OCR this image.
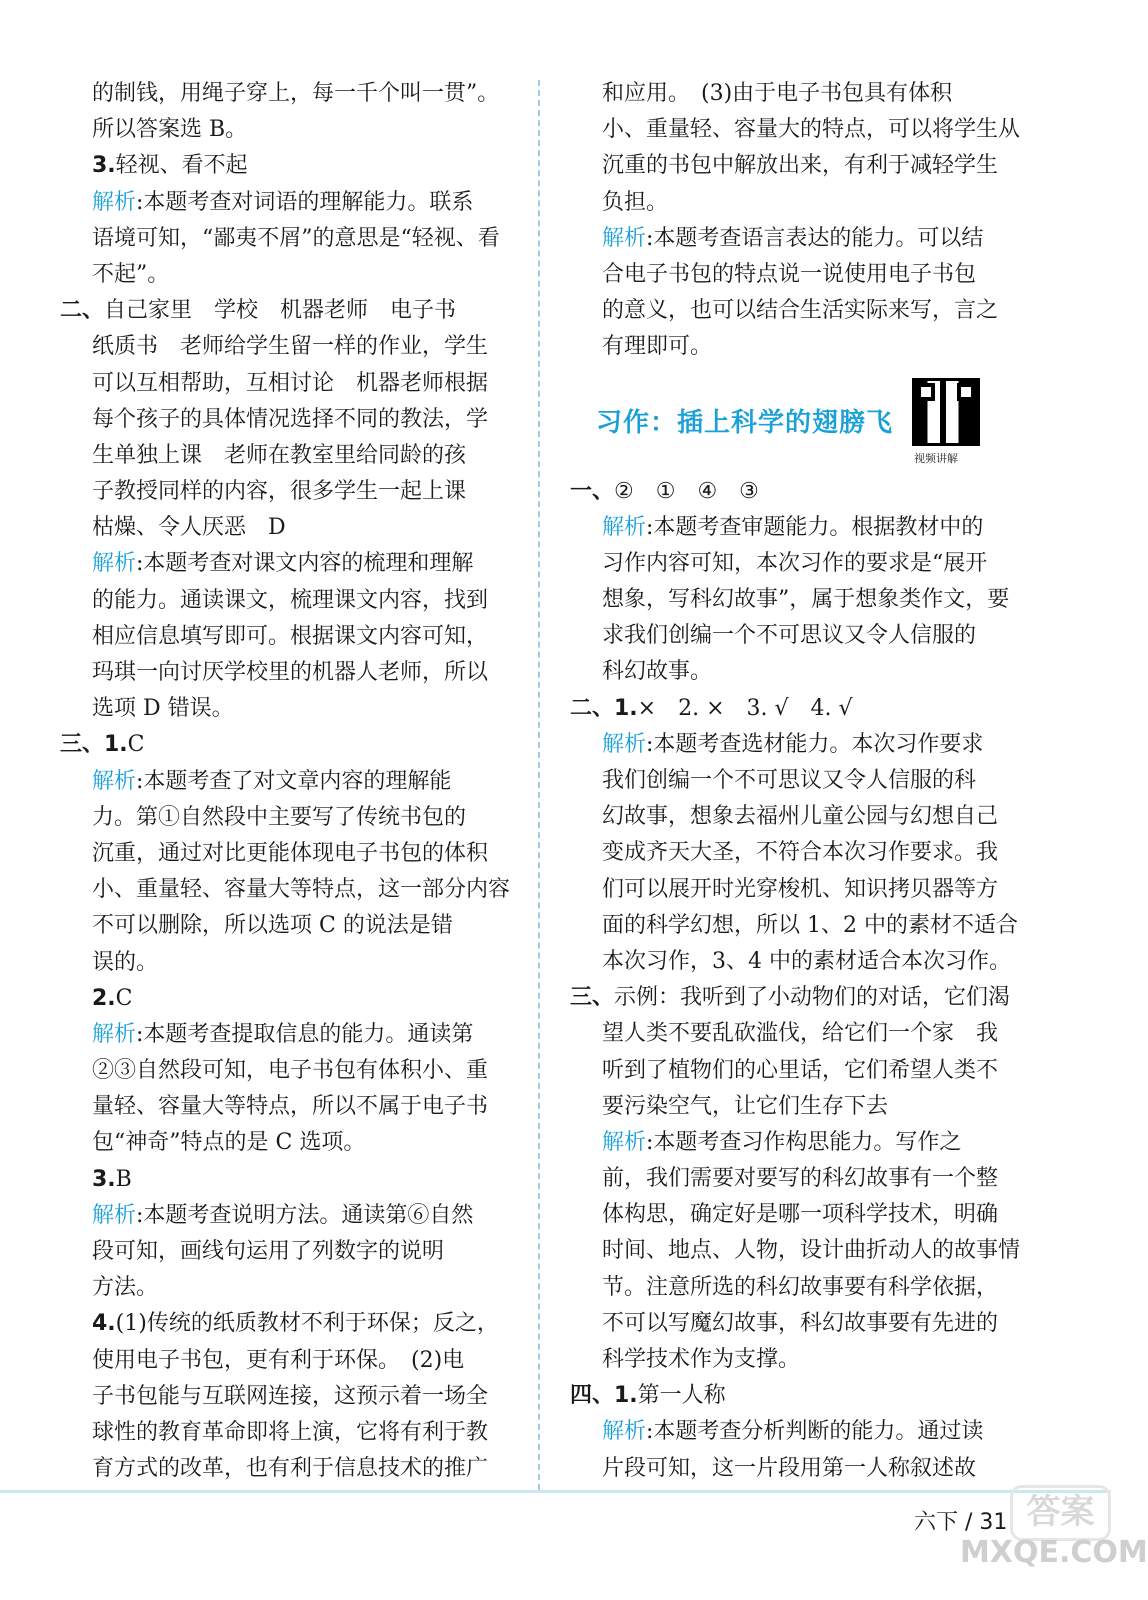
的制钱，用绳子穿上，每一千个叫一贯”。
所以答案选 B。
3.轻视、看不起
解析:本题考查对词语的理解能力。联系
语境可知，“鄙夷不屑”的意思是“轻视、看
不起”。
二、自己家里　学校　机器老师　电子书
纸质书　老师给学生留一样的作业，学生
可以互相帮助，互相讨论　机器老师根据
每个孩子的具体情况选择不同的教法，学
生单独上课　老师在教室里给同龄的孩
子教授同样的内容，很多学生一起上课
枯燥、令人厌恶　D
解析:本题考查对课文内容的梳理和理解
的能力。通读课文，梳理课文内容，找到
相应信息填写即可。根据课文内容可知，
玛琪一向讨厌学校里的机器人老师，所以
选项 D 错误。
三、1.C
解析:本题考查了对文章内容的理解能
力。第①自然段中主要写了传统书包的
沉重，通过对比更能体现电子书包的体积
小、重量轻、容量大等特点，这一部分内容
不可以删除，所以选项 C 的说法是错
误的。
2.C
解析:本题考查提取信息的能力。通读第
②③自然段可知，电子书包有体积小、重
量轻、容量大等特点，所以不属于电子书
包“神奇”特点的是 C 选项。
3.B
解析:本题考查说明方法。通读第⑥自然
段可知，画线句运用了列数字的说明
方法。
4.(1)传统的纸质教材不利于环保；反之，
使用电子书包，更有利于环保。　(2)电
子书包能与互联网连接，这预示着一场全
球性的教育革命即将上演，它将有利于教
育方式的改革，也有利于信息技术的推广
和应用。　(3)由于电子书包具有体积
小、重量轻、容量大的特点，可以将学生从
沉重的书包中解放出来，有利于减轻学生
负担。
解析:本题考查语言表达的能力。可以结
合电子书包的特点说一说使用电子书包
的意义，也可以结合生活实际来写，言之
有理即可。
一、②　①　④　③
解析:本题考查审题能力。根据教材中的
习作内容可知，本次习作的要求是“展开
想象，写科幻故事”，属于想象类作文，要
求我们创编一个不可思议又令人信服的
科幻故事。
二、1.×　2. ×　3. √　4. √
解析:本题考查选材能力。本次习作要求
我们创编一个不可思议又令人信服的科
幻故事，想象去福州儿童公园与幻想自己
变成齐天大圣，不符合本次习作要求。我
们可以展开时光穿梭机、知识拷贝器等方
面的科学幻想，所以 1、2 中的素材不适合
本次习作，3、4 中的素材适合本次习作。
三、示例：我听到了小动物们的对话，它们渴
望人类不要乱砍滥伐，给它们一个家　我
听到了植物们的心里话，它们希望人类不
要污染空气，让它们生存下去
解析:本题考查习作构思能力。写作之
前，我们需要对要写的科幻故事有一个整
体构思，确定好是哪一项科学技术，明确
时间、地点、人物，设计曲折动人的故事情
节。注意所选的科幻故事要有科学依据，
不可以写魔幻故事，科幻故事要有先进的
科学技术作为支撑。
四、1.第一人称
解析:本题考查分析判断的能力。通过读
片段可知，这一片段用第一人称叙述故
习作：插上科学的翅膀飞
视频讲解
六下 / 31 答案
MXQE.COM
